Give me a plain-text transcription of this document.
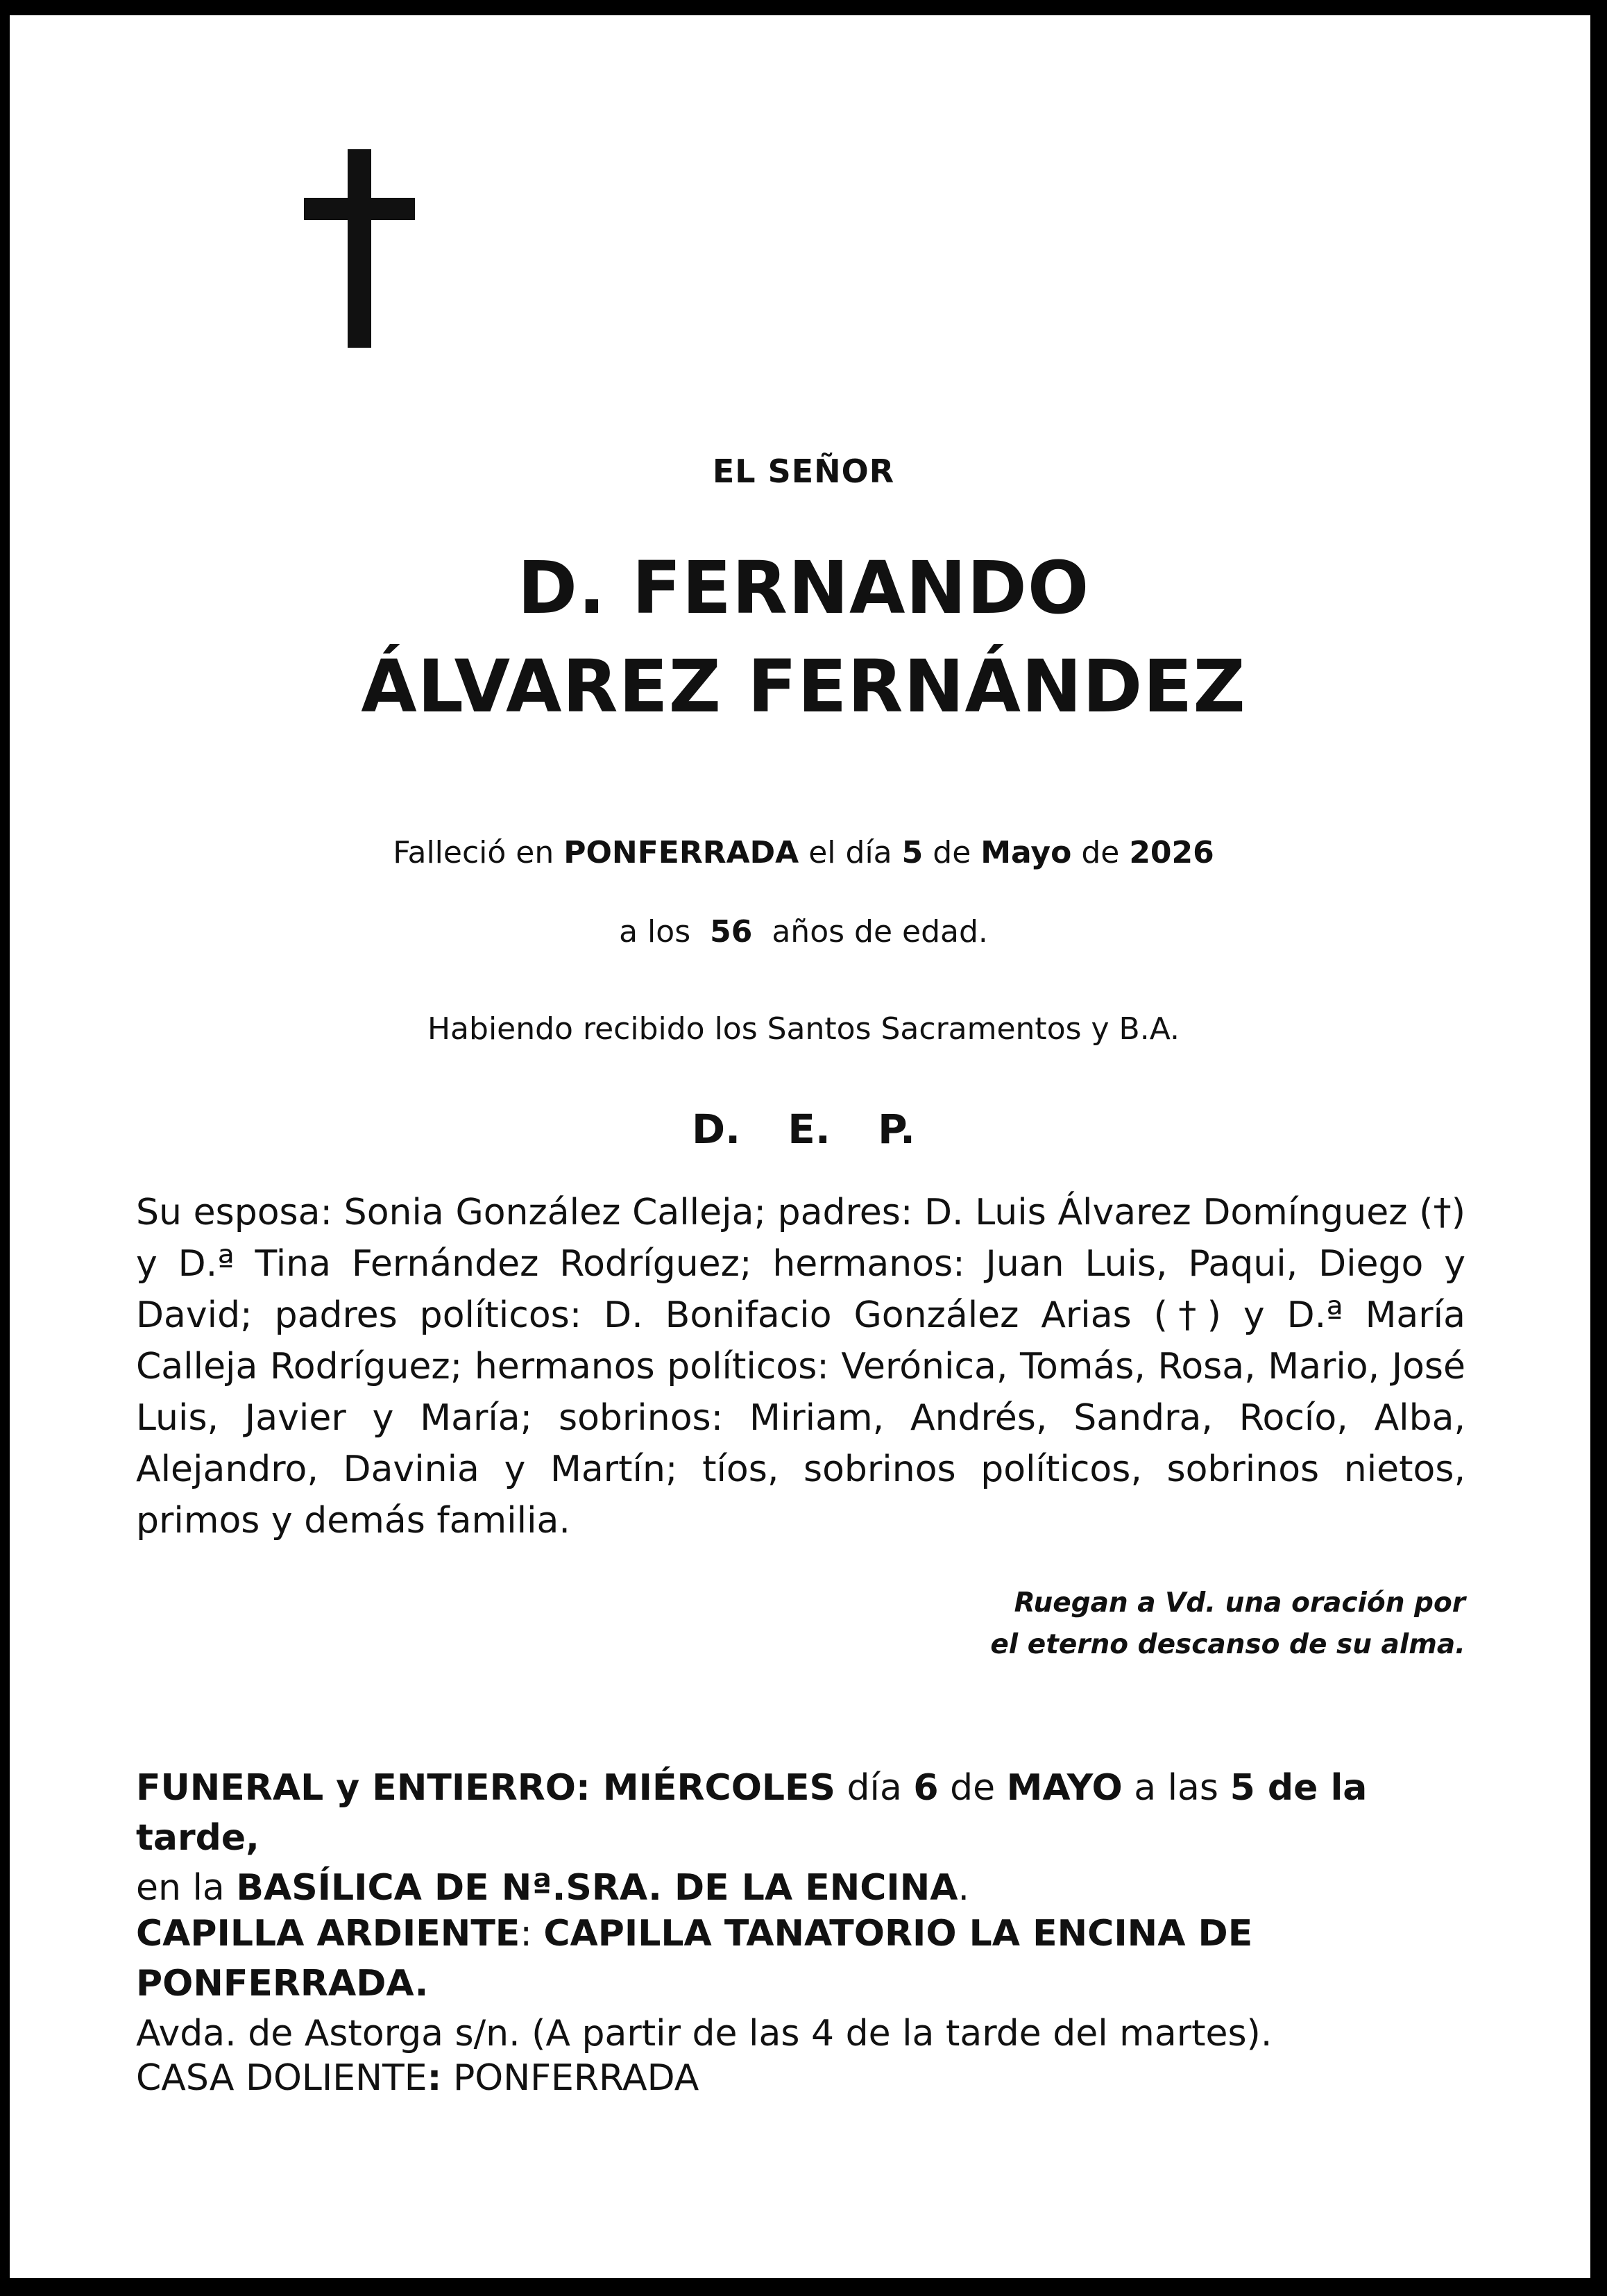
EL SEÑOR
D. FERNANDO
ÁLVAREZ FERNÁNDEZ
Falleció en PONFERRADA el día 5 de Mayo de 2026
a los 56 años de edad.
Habiendo recibido los Santos Sacramentos y B.A.
D. E. P.
Su esposa: Sonia González Calleja; padres: D. Luis Álvarez Domínguez (†) y D.ª Tina Fernández Rodríguez; hermanos: Juan Luis, Paqui, Diego y David; padres políticos: D. Bonifacio González Arias (†) y D.ª María Calleja Rodríguez; hermanos políticos: Verónica, Tomás, Rosa, Mario, José Luis, Javier y María; sobrinos: Miriam, Andrés, Sandra, Rocío, Alba, Alejandro, Davinia y Martín; tíos, sobrinos políticos, sobrinos nietos, primos y demás familia.
Ruegan a Vd. una oración por
el eterno descanso de su alma.
FUNERAL y ENTIERRO: MIÉRCOLES día 6 de MAYO a las 5 de la tarde,
en la BASÍLICA DE Nª.SRA. DE LA ENCINA.
CAPILLA ARDIENTE: CAPILLA TANATORIO LA ENCINA DE PONFERRADA.
Avda. de Astorga s/n. (A partir de las 4 de la tarde del martes).
CASA DOLIENTE: PONFERRADA
